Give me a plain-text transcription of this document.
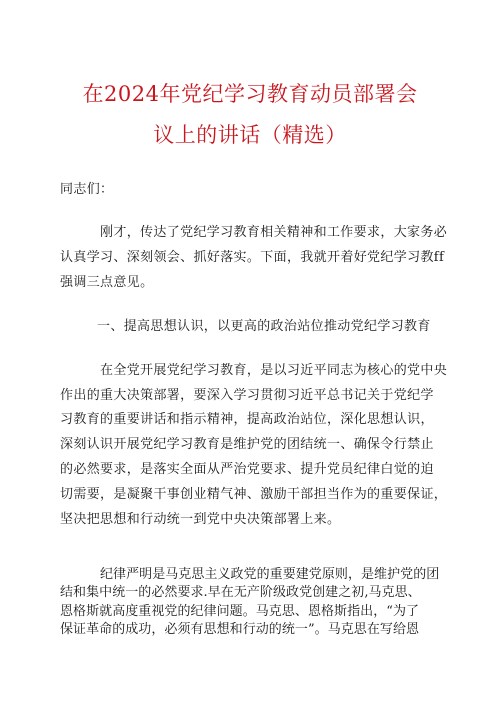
在2024年党纪学习教育动员部署会
议上的讲话（精选）
同志们：
刚才，传达了党纪学习教育相关精神和工作要求，大家务必
认真学习、深刻领会、抓好落实。下面，我就开着好党纪学习教ff
强调三点意见。
一、提高思想认识，以更高的政治站位推动党纪学习教育
在全党开展党纪学习教育，是以习近平同志为核心的党中央
作出的重大决策部署，要深入学习贯彻习近平总书记关于党纪学
习教育的重要讲话和指示精神，提高政治站位，深化思想认识，
深刻认识开展党纪学习教育是维护党的团结统一、确保令行禁止
的必然要求，是落实全面从严治党要求、提升党员纪律白觉的迫
切需要，是凝聚干事创业精气神、激励干部担当作为的重要保证，
坚决把思想和行动统一到党中央决策部署上来。
纪律严明是马克思主义政党的重要建党原则，是维护党的团
结和集中统一的必然要求.早在无产阶级政党创建之初,马克思、
恩格斯就高度重视党的纪律问题。马克思、恩格斯指出，“为了
保证革命的成功，必须有思想和行动的统一”。马克思在写给恩
